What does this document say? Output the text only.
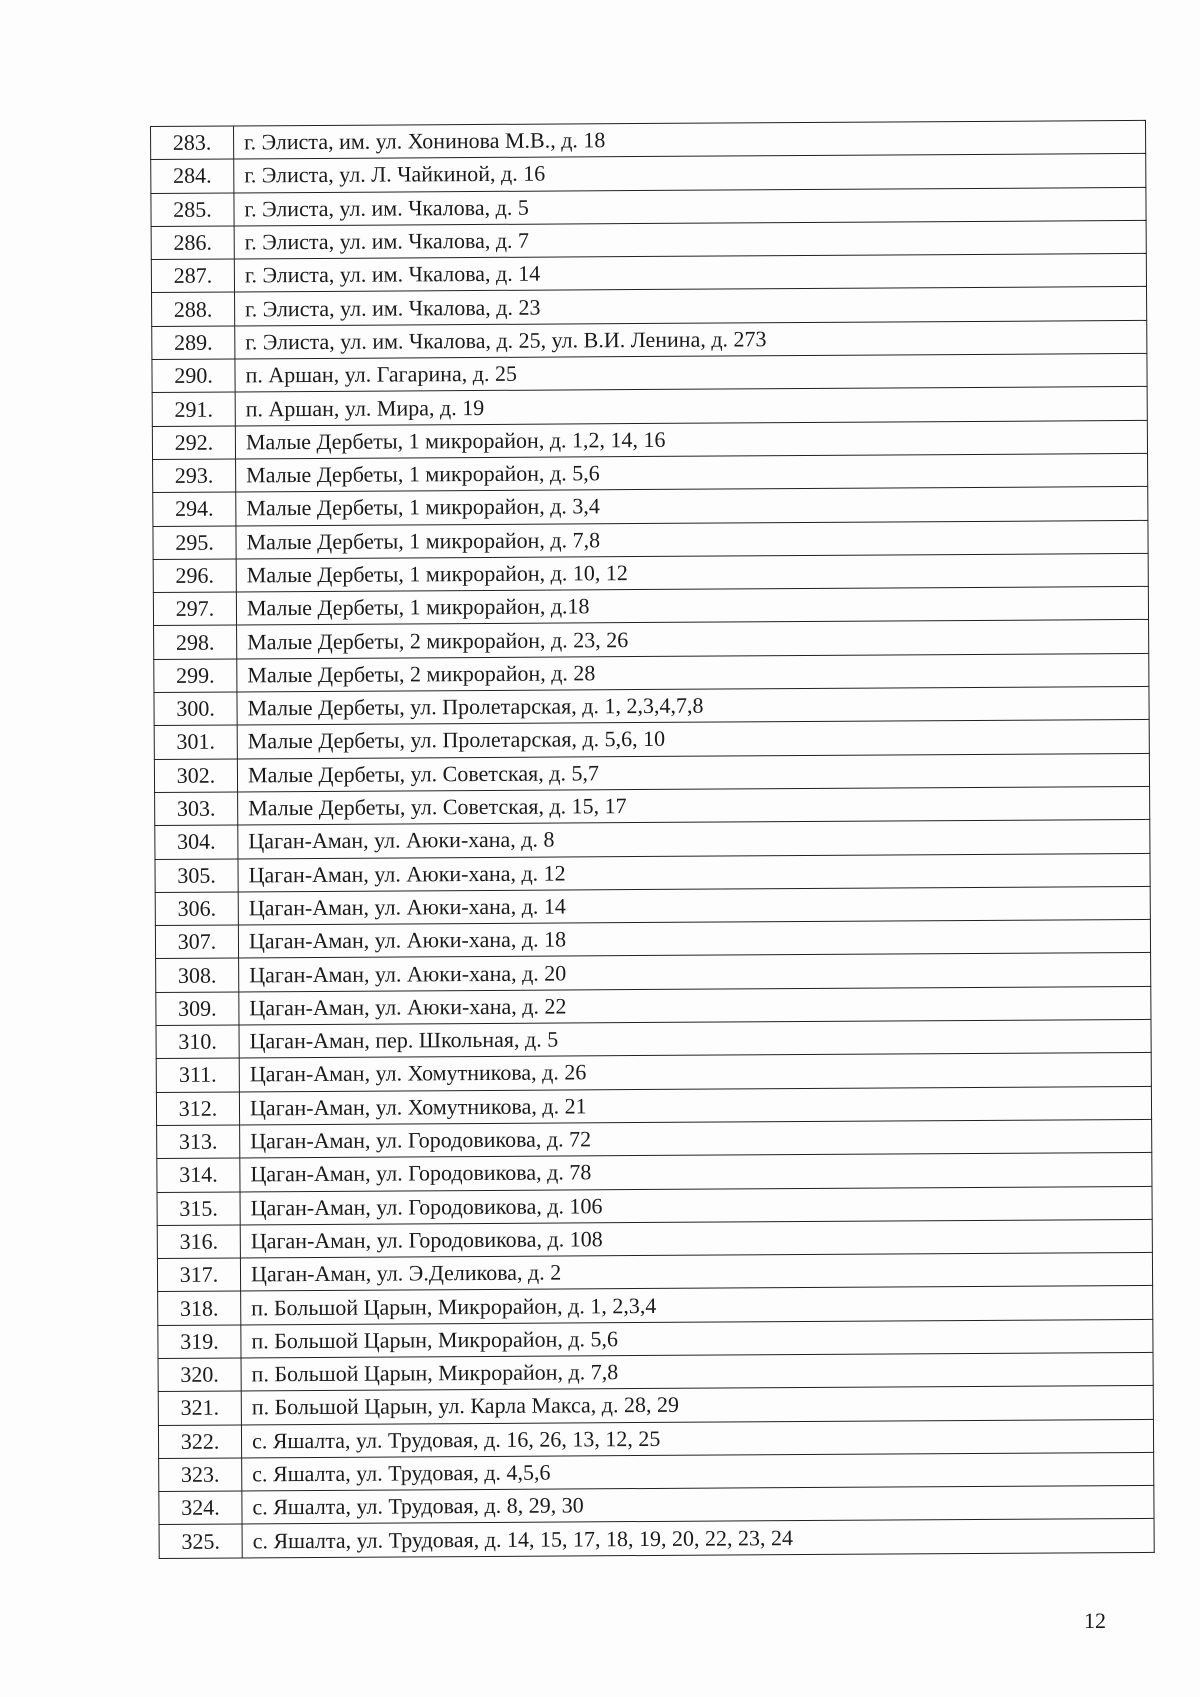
283.	г. Элиста, им. ул. Хонинова М.В., д. 18
284.	г. Элиста, ул. Л. Чайкиной, д. 16
285.	г. Элиста, ул. им. Чкалова, д. 5
286.	г. Элиста, ул. им. Чкалова, д. 7
287.	г. Элиста, ул. им. Чкалова, д. 14
288.	г. Элиста, ул. им. Чкалова, д. 23
289.	г. Элиста, ул. им. Чкалова, д. 25, ул. В.И. Ленина, д. 273
290.	п. Аршан, ул. Гагарина, д. 25
291.	п. Аршан, ул. Мира, д. 19
292.	Малые Дербеты, 1 микрорайон, д. 1,2, 14, 16
293.	Малые Дербеты, 1 микрорайон, д. 5,6
294.	Малые Дербеты, 1 микрорайон, д. 3,4
295.	Малые Дербеты, 1 микрорайон, д. 7,8
296.	Малые Дербеты, 1 микрорайон, д. 10, 12
297.	Малые Дербеты, 1 микрорайон, д.18
298.	Малые Дербеты, 2 микрорайон, д. 23, 26
299.	Малые Дербеты, 2 микрорайон, д. 28
300.	Малые Дербеты, ул. Пролетарская, д. 1, 2,3,4,7,8
301.	Малые Дербеты, ул. Пролетарская, д. 5,6, 10
302.	Малые Дербеты, ул. Советская, д. 5,7
303.	Малые Дербеты, ул. Советская, д. 15, 17
304.	Цаган-Аман, ул. Аюки-хана, д. 8
305.	Цаган-Аман, ул. Аюки-хана, д. 12
306.	Цаган-Аман, ул. Аюки-хана, д. 14
307.	Цаган-Аман, ул. Аюки-хана, д. 18
308.	Цаган-Аман, ул. Аюки-хана, д. 20
309.	Цаган-Аман, ул. Аюки-хана, д. 22
310.	Цаган-Аман, пер. Школьная, д. 5
311.	Цаган-Аман, ул. Хомутникова, д. 26
312.	Цаган-Аман, ул. Хомутникова, д. 21
313.	Цаган-Аман, ул. Городовикова, д. 72
314.	Цаган-Аман, ул. Городовикова, д. 78
315.	Цаган-Аман, ул. Городовикова, д. 106
316.	Цаган-Аман, ул. Городовикова, д. 108
317.	Цаган-Аман, ул. Э.Деликова, д. 2
318.	п. Большой Царын, Микрорайон, д. 1, 2,3,4
319.	п. Большой Царын, Микрорайон, д. 5,6
320.	п. Большой Царын, Микрорайон, д. 7,8
321.	п. Большой Царын, ул. Карла Макса, д. 28, 29
322.	с. Яшалта, ул. Трудовая, д. 16, 26, 13, 12, 25
323.	с. Яшалта, ул. Трудовая, д. 4,5,6
324.	с. Яшалта, ул. Трудовая, д. 8, 29, 30
325.	с. Яшалта, ул. Трудовая, д. 14, 15, 17, 18, 19, 20, 22, 23, 24
12
